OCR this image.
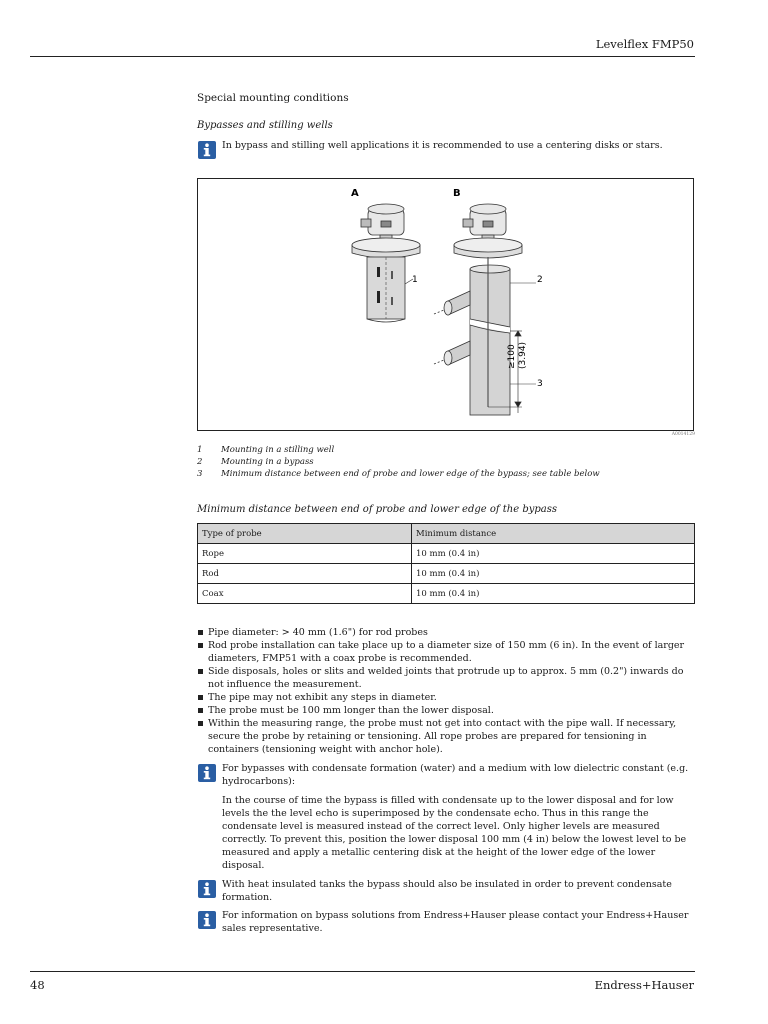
Levelflex FMP50
Special mounting conditions
Bypasses and stilling wells
In bypass and stilling well applications it is recommended to use a centering disks or stars.
A	B
1	2
3
≥100 (3.94)
A0014129
1	Mounting in a stilling well
2	Mounting in a bypass
3	Minimum distance between end of probe and lower edge of the bypass; see table below
Minimum distance between end of probe and lower edge of the bypass
Type of probe	Minimum distance
Rope	10 mm (0.4 in)
Rod	10 mm (0.4 in)
Coax	10 mm (0.4 in)
Pipe diameter: > 40 mm (1.6") for rod probes
Rod probe installation can take place up to a diameter size of 150 mm (6 in). In the event of larger diameters, FMP51 with a coax probe is recommended.
Side disposals, holes or slits and welded joints that protrude up to approx. 5 mm (0.2") inwards do not influence the measurement.
The pipe may not exhibit any steps in diameter.
The probe must be 100 mm longer than the lower disposal.
Within the measuring range, the probe must not get into contact with the pipe wall. If necessary, secure the probe by retaining or tensioning. All rope probes are prepared for tensioning in containers (tensioning weight with anchor hole).
For bypasses with condensate formation (water) and a medium with low dielectric constant (e.g. hydrocarbons):
In the course of time the bypass is filled with condensate up to the lower disposal and for low levels the the level echo is superimposed by the condensate echo. Thus in this range the condensate level is measured instead of the correct level. Only higher levels are measured correctly. To prevent this, position the lower disposal 100 mm (4 in) below the lowest level to be measured and apply a metallic centering disk at the height of the lower edge of the lower disposal.
With heat insulated tanks the bypass should also be insulated in order to prevent condensate formation.
For information on bypass solutions from Endress+Hauser please contact your Endress+Hauser sales representative.
48	Endress+Hauser
